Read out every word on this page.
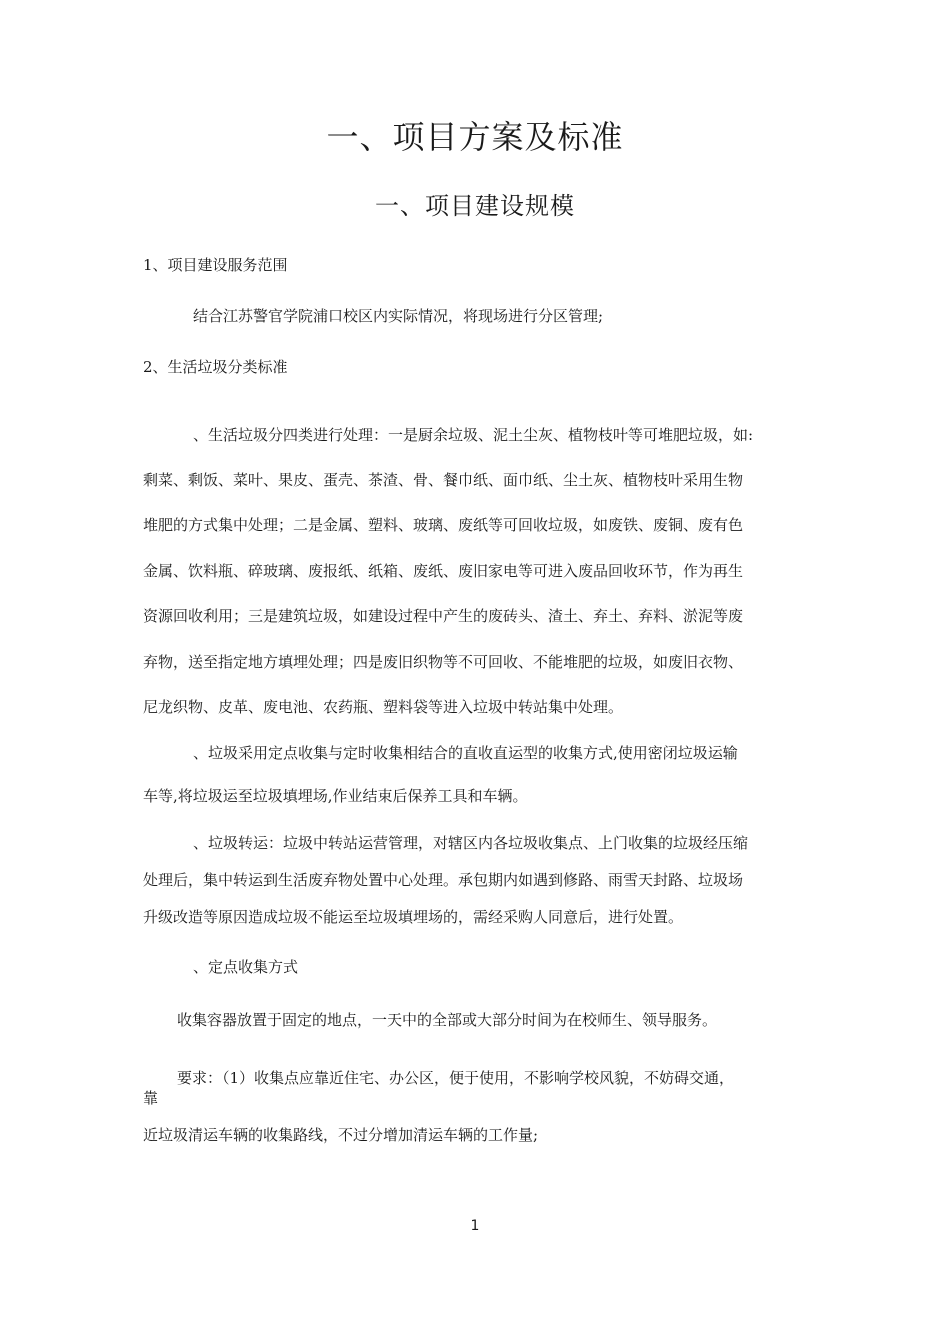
一、项目方案及标准
一、项目建设规模

1、项目建设服务范围

结合江苏警官学院浦口校区内实际情况，将现场进行分区管理;

2、生活垃圾分类标准

、生活垃圾分四类进行处理：一是厨余垃圾、泥土尘灰、植物枝叶等可堆肥垃圾，如:

剩菜、剩饭、菜叶、果皮、蛋壳、茶渣、骨、餐巾纸、面巾纸、尘土灰、植物枝叶采用生物

堆肥的方式集中处理；二是金属、塑料、玻璃、废纸等可回收垃圾，如废铁、废铜、废有色

金属、饮料瓶、碎玻璃、废报纸、纸箱、废纸、废旧家电等可进入废品回收环节，作为再生

资源回收利用；三是建筑垃圾，如建设过程中产生的废砖头、渣土、弃土、弃料、淤泥等废

弃物，送至指定地方填埋处理；四是废旧织物等不可回收、不能堆肥的垃圾，如废旧衣物、

尼龙织物、皮革、废电池、农药瓶、塑料袋等进入垃圾中转站集中处理。

、垃圾采用定点收集与定时收集相结合的直收直运型的收集方式,使用密闭垃圾运输

车等,将垃圾运至垃圾填埋场,作业结束后保养工具和车辆。

、垃圾转运：垃圾中转站运营管理，对辖区内各垃圾收集点、上门收集的垃圾经压缩

处理后，集中转运到生活废弃物处置中心处理。承包期内如遇到修路、雨雪天封路、垃圾场

升级改造等原因造成垃圾不能运至垃圾填埋场的，需经采购人同意后，进行处置。

、定点收集方式

收集容器放置于固定的地点，一天中的全部或大部分时间为在校师生、领导服务。

要求：（1）收集点应靠近住宅、办公区，便于使用，不影响学校风貌，不妨碍交通，

靠

近垃圾清运车辆的收集路线，不过分增加清运车辆的工作量;

1
